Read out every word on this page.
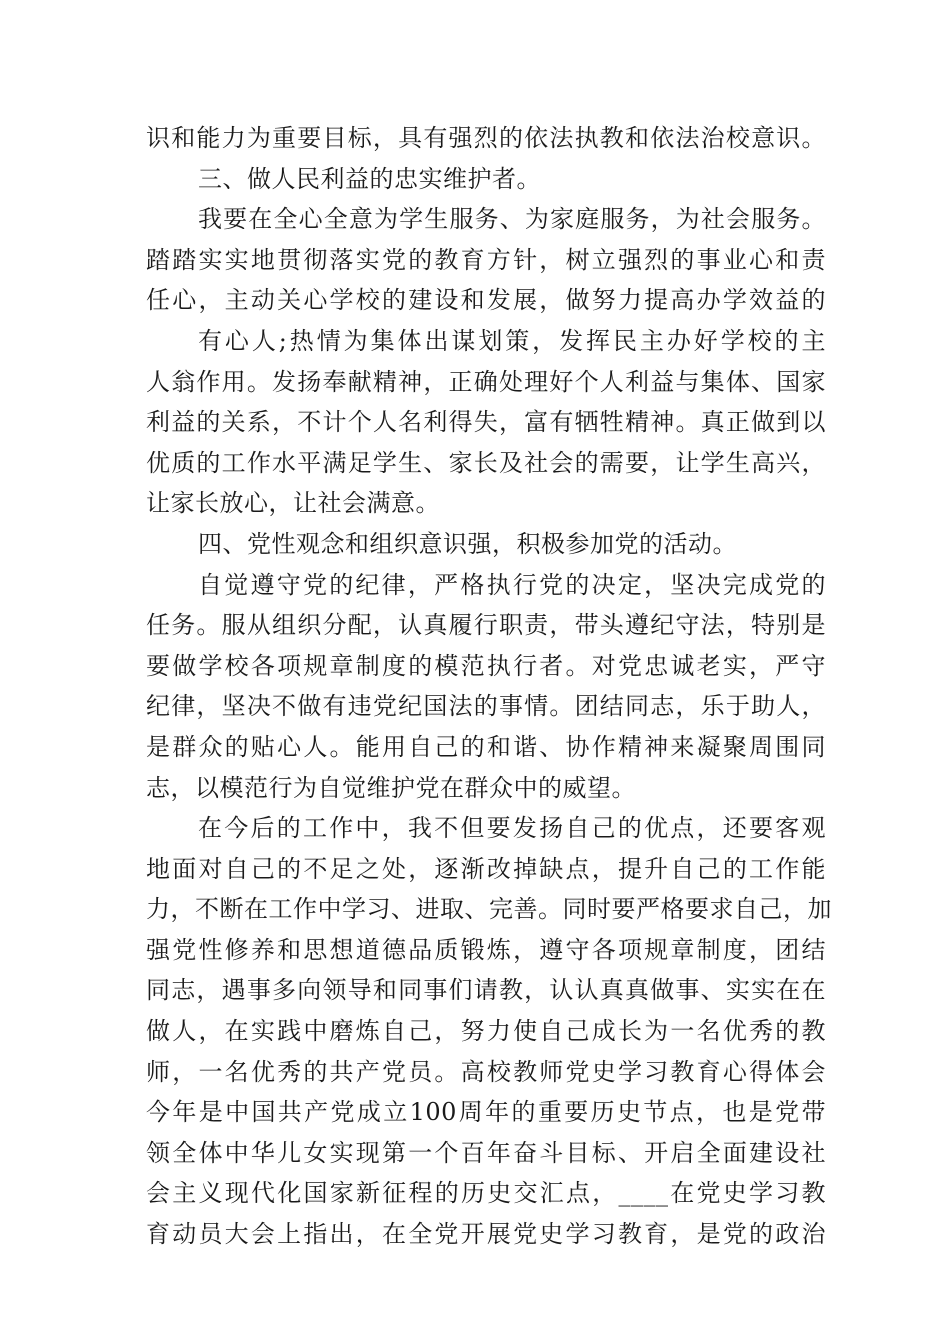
识和能力为重要目标，具有强烈的依法执教和依法治校意识。
三、做人民利益的忠实维护者。
我要在全心全意为学生服务、为家庭服务，为社会服务。
踏踏实实地贯彻落实党的教育方针，树立强烈的事业心和责
任心，主动关心学校的建设和发展，做努力提高办学效益的
有心人;热情为集体出谋划策，发挥民主办好学校的主
人翁作用。发扬奉献精神，正确处理好个人利益与集体、国家
利益的关系，不计个人名利得失，富有牺牲精神。真正做到以
优质的工作水平满足学生、家长及社会的需要，让学生高兴，
让家长放心，让社会满意。
四、党性观念和组织意识强，积极参加党的活动。
自觉遵守党的纪律，严格执行党的决定，坚决完成党的
任务。服从组织分配，认真履行职责，带头遵纪守法，特别是
要做学校各项规章制度的模范执行者。对党忠诚老实，严守
纪律，坚决不做有违党纪国法的事情。团结同志，乐于助人，
是群众的贴心人。能用自己的和谐、协作精神来凝聚周围同
志，以模范行为自觉维护党在群众中的威望。
在今后的工作中，我不但要发扬自己的优点，还要客观
地面对自己的不足之处，逐渐改掉缺点，提升自己的工作能
力，不断在工作中学习、进取、完善。同时要严格要求自己，加
强党性修养和思想道德品质锻炼，遵守各项规章制度，团结
同志，遇事多向领导和同事们请教，认认真真做事、实实在在
做人，在实践中磨炼自己，努力使自己成长为一名优秀的教
师，一名优秀的共产党员。高校教师党史学习教育心得体会
今年是中国共产党成立100周年的重要历史节点，也是党带
领全体中华儿女实现第一个百年奋斗目标、开启全面建设社
会主义现代化国家新征程的历史交汇点，____在党史学习教
育动员大会上指出，在全党开展党史学习教育，是党的政治
